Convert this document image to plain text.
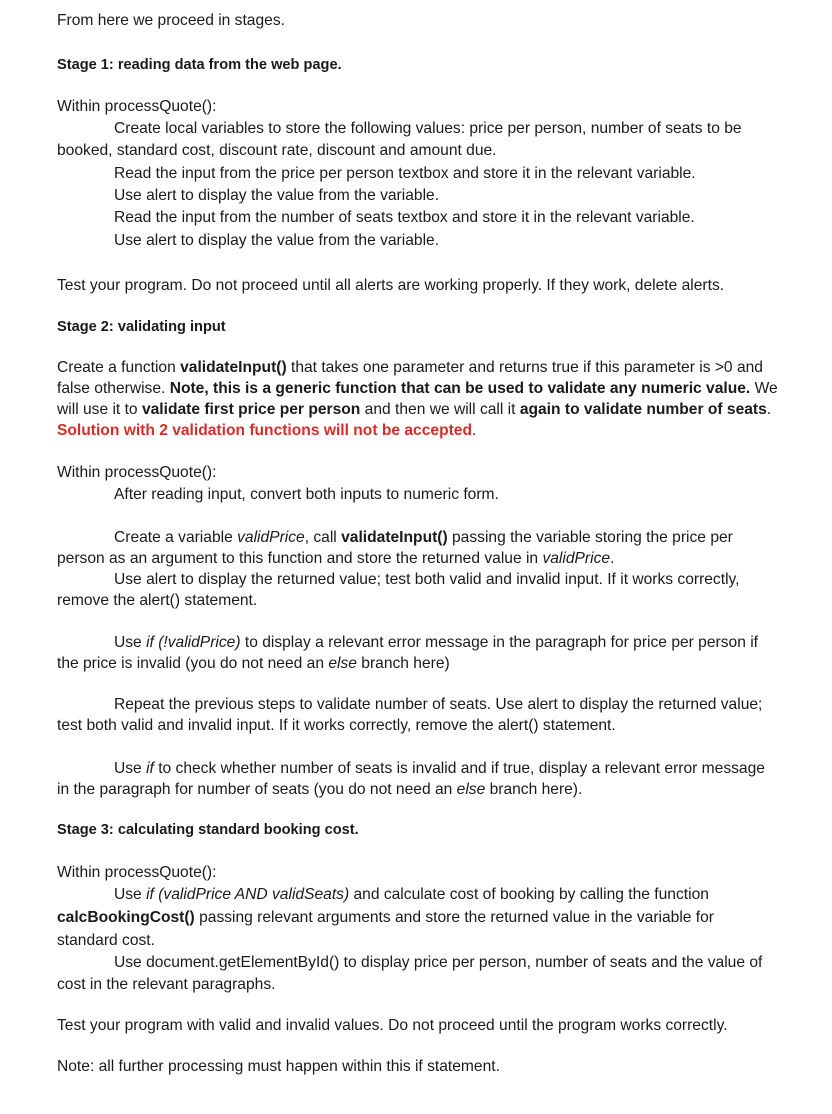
From here we proceed in stages.
Stage 1: reading data from the web page.
Within processQuote():
Create local variables to store the following values: price per person, number of seats to be
booked, standard cost, discount rate, discount and amount due.
Read the input from the price per person textbox and store it in the relevant variable.
Use alert to display the value from the variable.
Read the input from the number of seats textbox and store it in the relevant variable.
Use alert to display the value from the variable.
Test your program. Do not proceed until all alerts are working properly. If they work, delete alerts.
Stage 2: validating input
Create a function validateInput() that takes one parameter and returns true if this parameter is >0 and
false otherwise. Note, this is a generic function that can be used to validate any numeric value. We
will use it to validate first price per person and then we will call it again to validate number of seats.
Solution with 2 validation functions will not be accepted.
Within processQuote():
After reading input, convert both inputs to numeric form.
Create a variable validPrice, call validateInput() passing the variable storing the price per
person as an argument to this function and store the returned value in validPrice.
Use alert to display the returned value; test both valid and invalid input. If it works correctly,
remove the alert() statement.
Use if (!validPrice) to display a relevant error message in the paragraph for price per person if
the price is invalid (you do not need an else branch here)
Repeat the previous steps to validate number of seats. Use alert to display the returned value;
test both valid and invalid input. If it works correctly, remove the alert() statement.
Use if to check whether number of seats is invalid and if true, display a relevant error message
in the paragraph for number of seats (you do not need an else branch here).
Stage 3: calculating standard booking cost.
Within processQuote():
Use if (validPrice AND validSeats) and calculate cost of booking by calling the function
calcBookingCost() passing relevant arguments and store the returned value in the variable for
standard cost.
Use document.getElementById() to display price per person, number of seats and the value of
cost in the relevant paragraphs.
Test your program with valid and invalid values. Do not proceed until the program works correctly.
Note: all further processing must happen within this if statement.
